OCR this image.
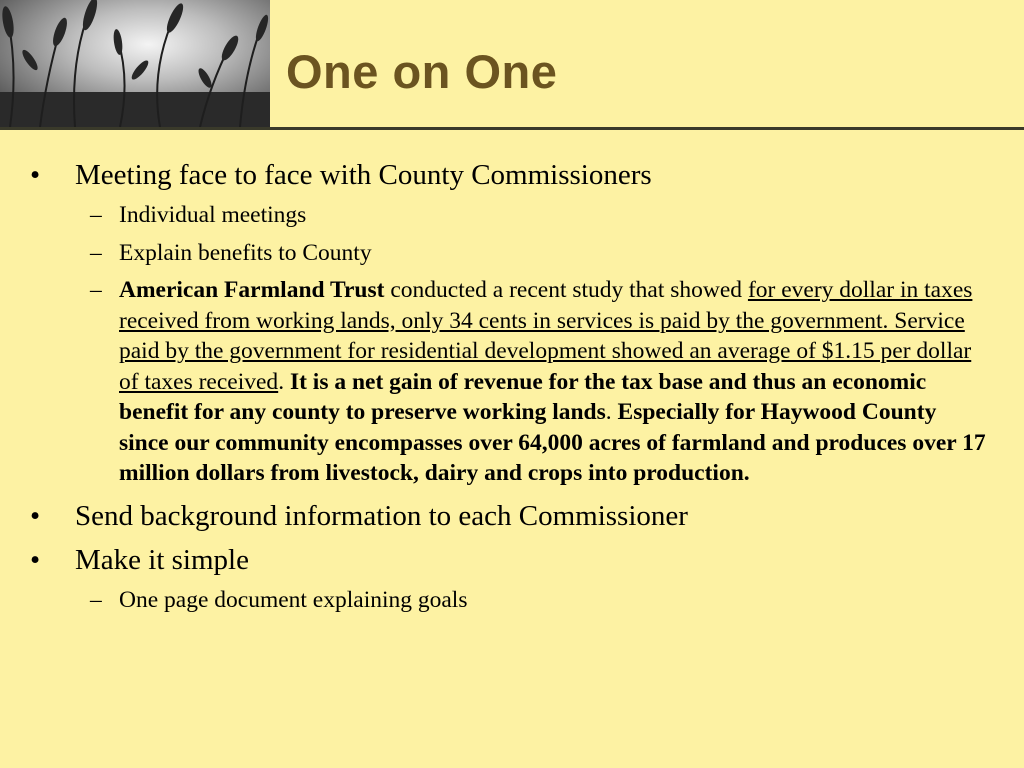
One on One
•	Meeting face to face with County Commissioners
– Individual meetings
– Explain benefits to County
– American Farmland Trust conducted a recent study that showed for every dollar in taxes received from working lands, only 34 cents in services is paid by the government. Service paid by the government for residential development showed an average of $1.15 per dollar of taxes received. It is a net gain of revenue for the tax base and thus an economic benefit for any county to preserve working lands. Especially for Haywood County since our community encompasses over 64,000 acres of farmland and produces over 17 million dollars from livestock, dairy and crops into production.
•	Send background information to each Commissioner
•	Make it simple
– One page document explaining goals
